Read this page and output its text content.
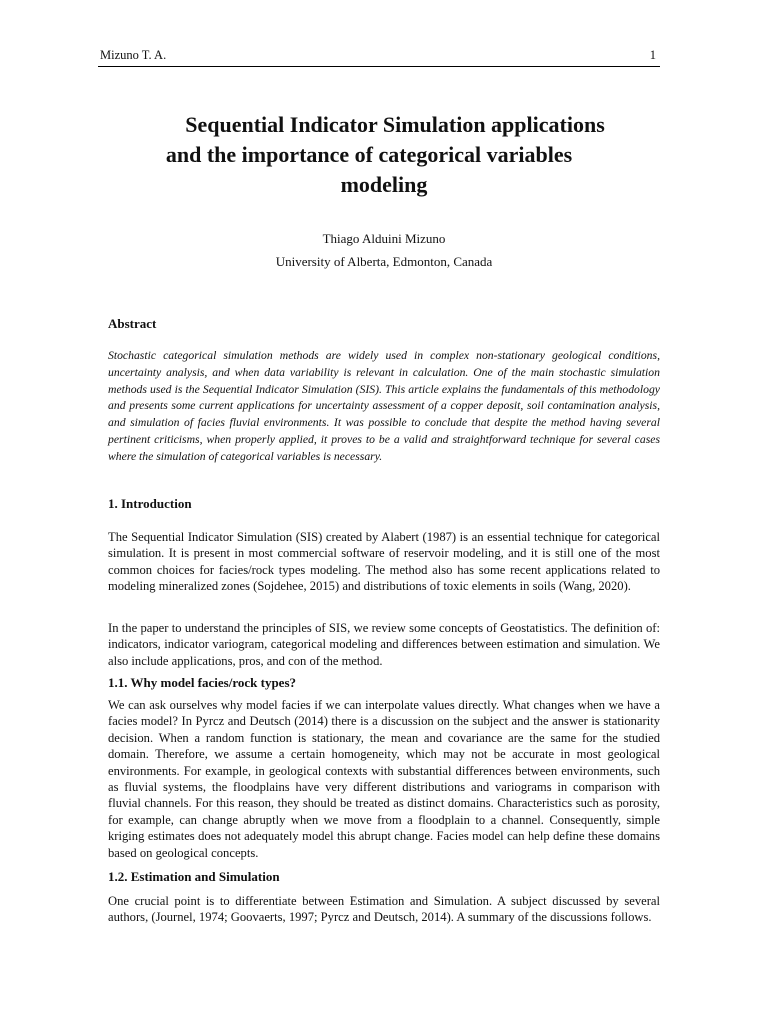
Mizuno T. A.	1
Sequential Indicator Simulation applications
and the importance of categorical variables
modeling
Thiago Alduini Mizuno
University of Alberta, Edmonton, Canada
Abstract
Stochastic categorical simulation methods are widely used in complex non-stationary geological conditions, uncertainty analysis, and when data variability is relevant in calculation. One of the main stochastic simulation methods used is the Sequential Indicator Simulation (SIS). This article explains the fundamentals of this methodology and presents some current applications for uncertainty assessment of a copper deposit, soil contamination analysis, and simulation of facies fluvial environments. It was possible to conclude that despite the method having several pertinent criticisms, when properly applied, it proves to be a valid and straightforward technique for several cases where the simulation of categorical variables is necessary.
1. Introduction
The Sequential Indicator Simulation (SIS) created by Alabert (1987) is an essential technique for categorical simulation. It is present in most commercial software of reservoir modeling, and it is still one of the most common choices for facies/rock types modeling. The method also has some recent applications related to modeling mineralized zones (Sojdehee, 2015) and distributions of toxic elements in soils (Wang, 2020).
In the paper to understand the principles of SIS, we review some concepts of Geostatistics. The definition of: indicators, indicator variogram, categorical modeling and differences between estimation and simulation. We also include applications, pros, and con of the method.
1.1. Why model facies/rock types?
We can ask ourselves why model facies if we can interpolate values directly. What changes when we have a facies model? In Pyrcz and Deutsch (2014) there is a discussion on the subject and the answer is stationarity decision. When a random function is stationary, the mean and covariance are the same for the studied domain. Therefore, we assume a certain homogeneity, which may not be accurate in most geological environments. For example, in geological contexts with substantial differences between environments, such as fluvial systems, the floodplains have very different distributions and variograms in comparison with fluvial channels. For this reason, they should be treated as distinct domains. Characteristics such as porosity, for example, can change abruptly when we move from a floodplain to a channel. Consequently, simple kriging estimates does not adequately model this abrupt change. Facies model can help define these domains based on geological concepts.
1.2. Estimation and Simulation
One crucial point is to differentiate between Estimation and Simulation. A subject discussed by several authors, (Journel, 1974; Goovaerts, 1997; Pyrcz and Deutsch, 2014). A summary of the discussions follows.
